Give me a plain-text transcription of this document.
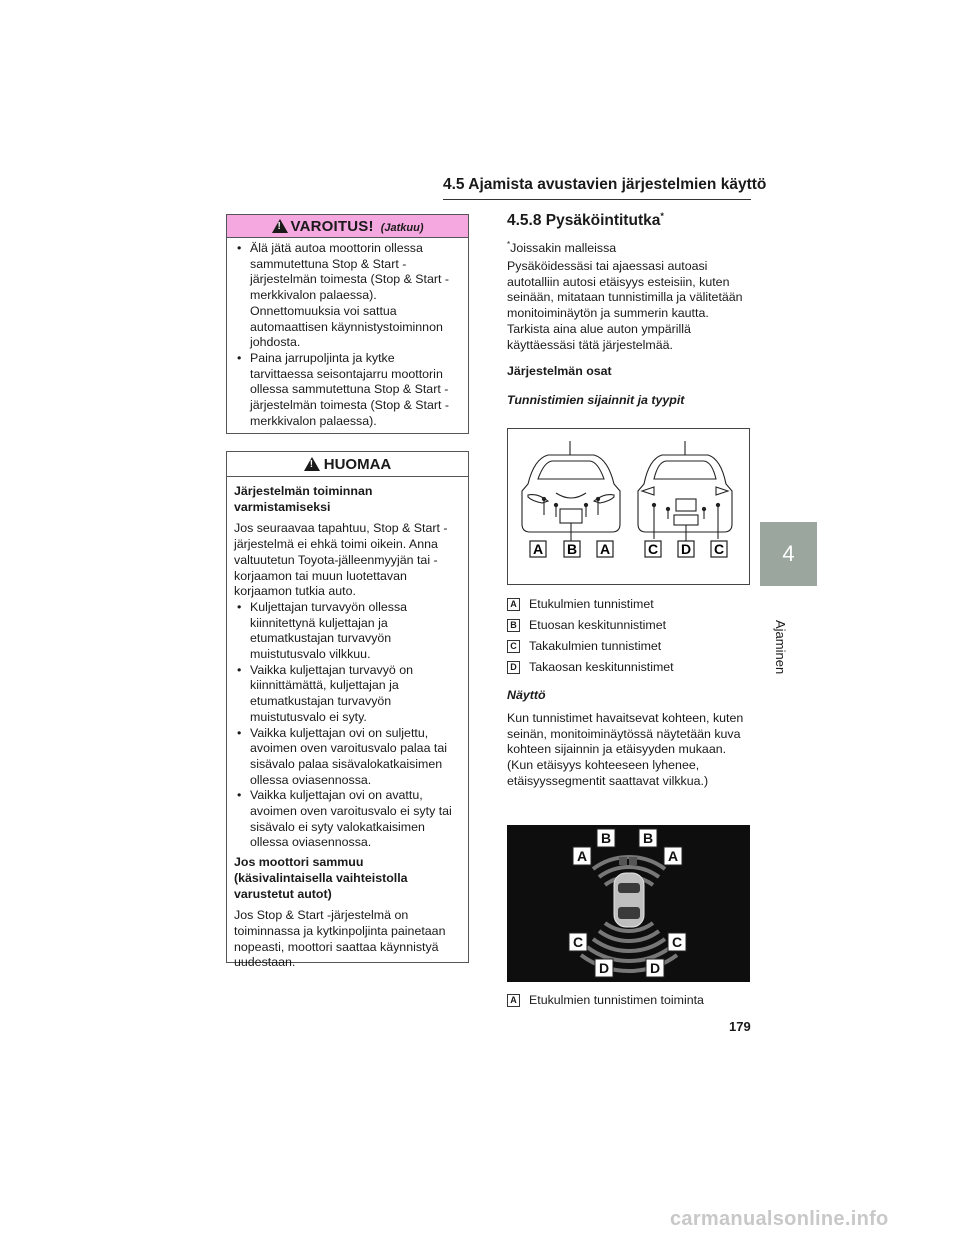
4.5 Ajamista avustavien järjestelmien käyttö
!
VAROITUS! (Jatkuu)
• Älä jätä autoa moottorin ollessa sammutettuna Stop & Start -järjestelmän toimesta (Stop & Start -merkkivalon palaessa). Onnettomuuksia voi sattua automaattisen käynnistystoiminnon johdosta.
• Paina jarrupoljinta ja kytke tarvittaessa seisontajarru moottorin ollessa sammutettuna Stop & Start -järjestelmän toimesta (Stop & Start -merkkivalon palaessa).
!
HUOMAA

Järjestelmän toiminnan varmistamiseksi

Jos seuraavaa tapahtuu, Stop & Start -järjestelmä ei ehkä toimi oikein. Anna valtuutetun Toyota-jälleenmyyjän tai -korjaamon tai muun luotettavan korjaamon tutkia auto.

• Kuljettajan turvavyön ollessa kiinnitettynä kuljettajan ja etumatkustajan turvavyön muistutusvalo vilkkuu.
• Vaikka kuljettajan turvavyö on kiinnittämättä, kuljettajan ja etumatkustajan turvavyön muistutusvalo ei syty.
• Vaikka kuljettajan ovi on suljettu, avoimen oven varoitusvalo palaa tai sisävalo palaa sisävalokatkaisimen ollessa oviasennossa.
• Vaikka kuljettajan ovi on avattu, avoimen oven varoitusvalo ei syty tai sisävalo ei syty valokatkaisimen ollessa oviasennossa.

Jos moottori sammuu (käsivalintaisella vaihteistolla varustetut autot)

Jos Stop & Start -järjestelmä on toiminnassa ja kytkinpoljinta painetaan nopeasti, moottori saattaa käynnistyä uudestaan.

4.5.8 Pysäköintitutka*
*Joissakin malleissa
Pysäköidessäsi tai ajaessasi autoasi autotalliin autosi etäisyys esteisiin, kuten seinään, mitataan tunnistimilla ja välitetään monitoiminäytön ja summerin kautta. Tarkista aina alue auton ympärillä käyttäessäsi tätä järjestelmää.
Järjestelmän osat
Tunnistimien sijainnit ja tyypit
A B A	C D C
A Etukulmien tunnistimet
B Etuosan keskitunnistimet
C Takakulmien tunnistimet
D Takaosan keskitunnistimet
Näyttö
Kun tunnistimet havaitsevat kohteen, kuten seinän, monitoiminäytössä näytetään kuva kohteen sijainnin ja etäisyyden mukaan. (Kun etäisyys kohteeseen lyhenee, etäisyyssegmentit saattavat vilkkua.)
B B
A	A
C	C
D	D
A Etukulmien tunnistimen toiminta
4
Ajaminen
179
carmanualsonline.info
